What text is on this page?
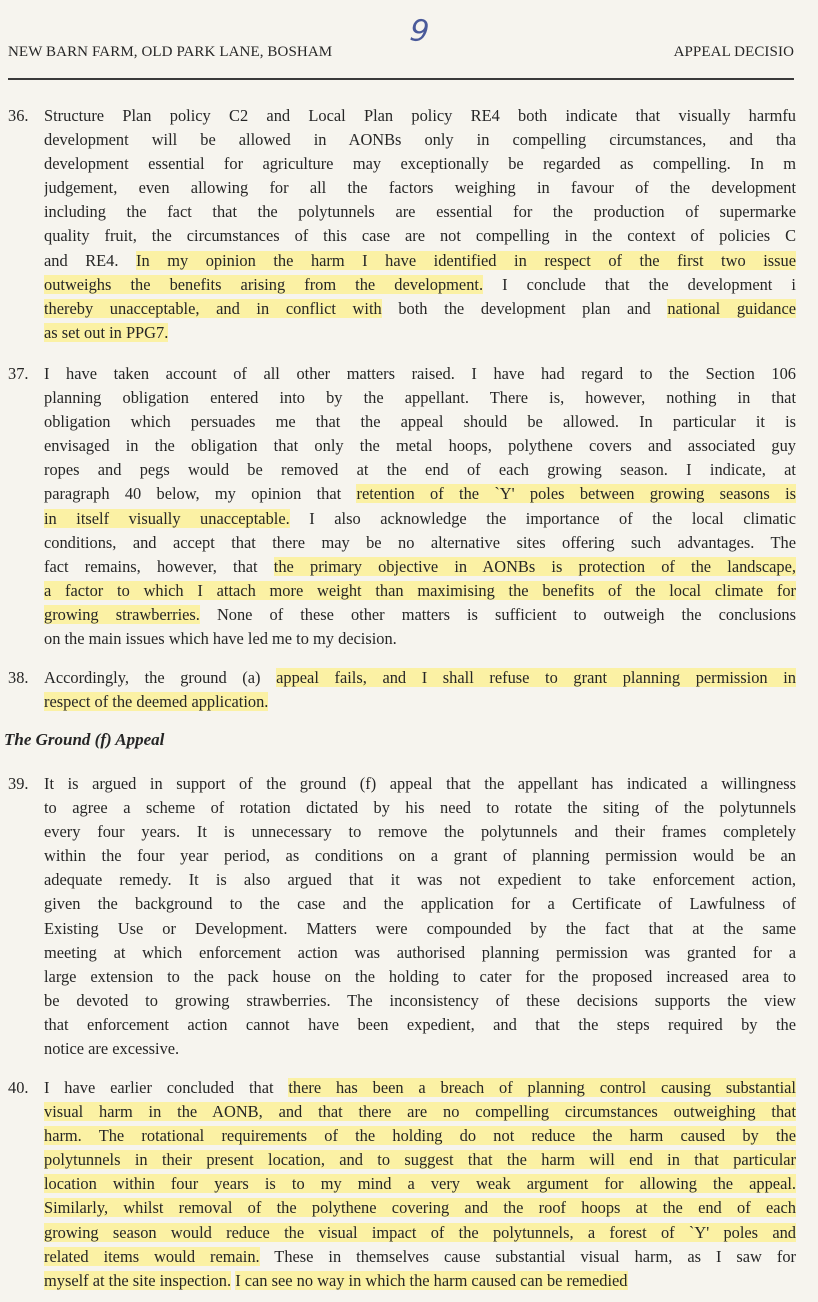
NEW BARN FARM, OLD PARK LANE, BOSHAM	APPEAL DECISIO
9
36. Structure Plan policy C2 and Local Plan policy RE4 both indicate that visually harmfu
development will be allowed in AONBs only in compelling circumstances, and tha
development essential for agriculture may exceptionally be regarded as compelling. In m
judgement, even allowing for all the factors weighing in favour of the development
including the fact that the polytunnels are essential for the production of supermarke
quality fruit, the circumstances of this case are not compelling in the context of policies C
and RE4. In my opinion the harm I have identified in respect of the first two issue
outweighs the benefits arising from the development. I conclude that the development i
thereby unacceptable, and in conflict with both the development plan and national guidance
as set out in PPG7.
37. I have taken account of all other matters raised. I have had regard to the Section 106
planning obligation entered into by the appellant. There is, however, nothing in that
obligation which persuades me that the appeal should be allowed. In particular it is
envisaged in the obligation that only the metal hoops, polythene covers and associated guy
ropes and pegs would be removed at the end of each growing season. I indicate, at
paragraph 40 below, my opinion that retention of the `Y' poles between growing seasons is
in itself visually unacceptable. I also acknowledge the importance of the local climatic
conditions, and accept that there may be no alternative sites offering such advantages. The
fact remains, however, that the primary objective in AONBs is protection of the landscape,
a factor to which I attach more weight than maximising the benefits of the local climate for
growing strawberries. None of these other matters is sufficient to outweigh the conclusions
on the main issues which have led me to my decision.
38. Accordingly, the ground (a) appeal fails, and I shall refuse to grant planning permission in
respect of the deemed application.
The Ground (f) Appeal
39. It is argued in support of the ground (f) appeal that the appellant has indicated a willingness
to agree a scheme of rotation dictated by his need to rotate the siting of the polytunnels
every four years. It is unnecessary to remove the polytunnels and their frames completely
within the four year period, as conditions on a grant of planning permission would be an
adequate remedy. It is also argued that it was not expedient to take enforcement action,
given the background to the case and the application for a Certificate of Lawfulness of
Existing Use or Development. Matters were compounded by the fact that at the same
meeting at which enforcement action was authorised planning permission was granted for a
large extension to the pack house on the holding to cater for the proposed increased area to
be devoted to growing strawberries. The inconsistency of these decisions supports the view
that enforcement action cannot have been expedient, and that the steps required by the
notice are excessive.
40. I have earlier concluded that there has been a breach of planning control causing substantial
visual harm in the AONB, and that there are no compelling circumstances outweighing that
harm. The rotational requirements of the holding do not reduce the harm caused by the
polytunnels in their present location, and to suggest that the harm will end in that particular
location within four years is to my mind a very weak argument for allowing the appeal.
Similarly, whilst removal of the polythene covering and the roof hoops at the end of each
growing season would reduce the visual impact of the polytunnels, a forest of `Y' poles and
related items would remain. These in themselves cause substantial visual harm, as I saw for
myself at the site inspection. I can see no way in which the harm caused can be remedied
